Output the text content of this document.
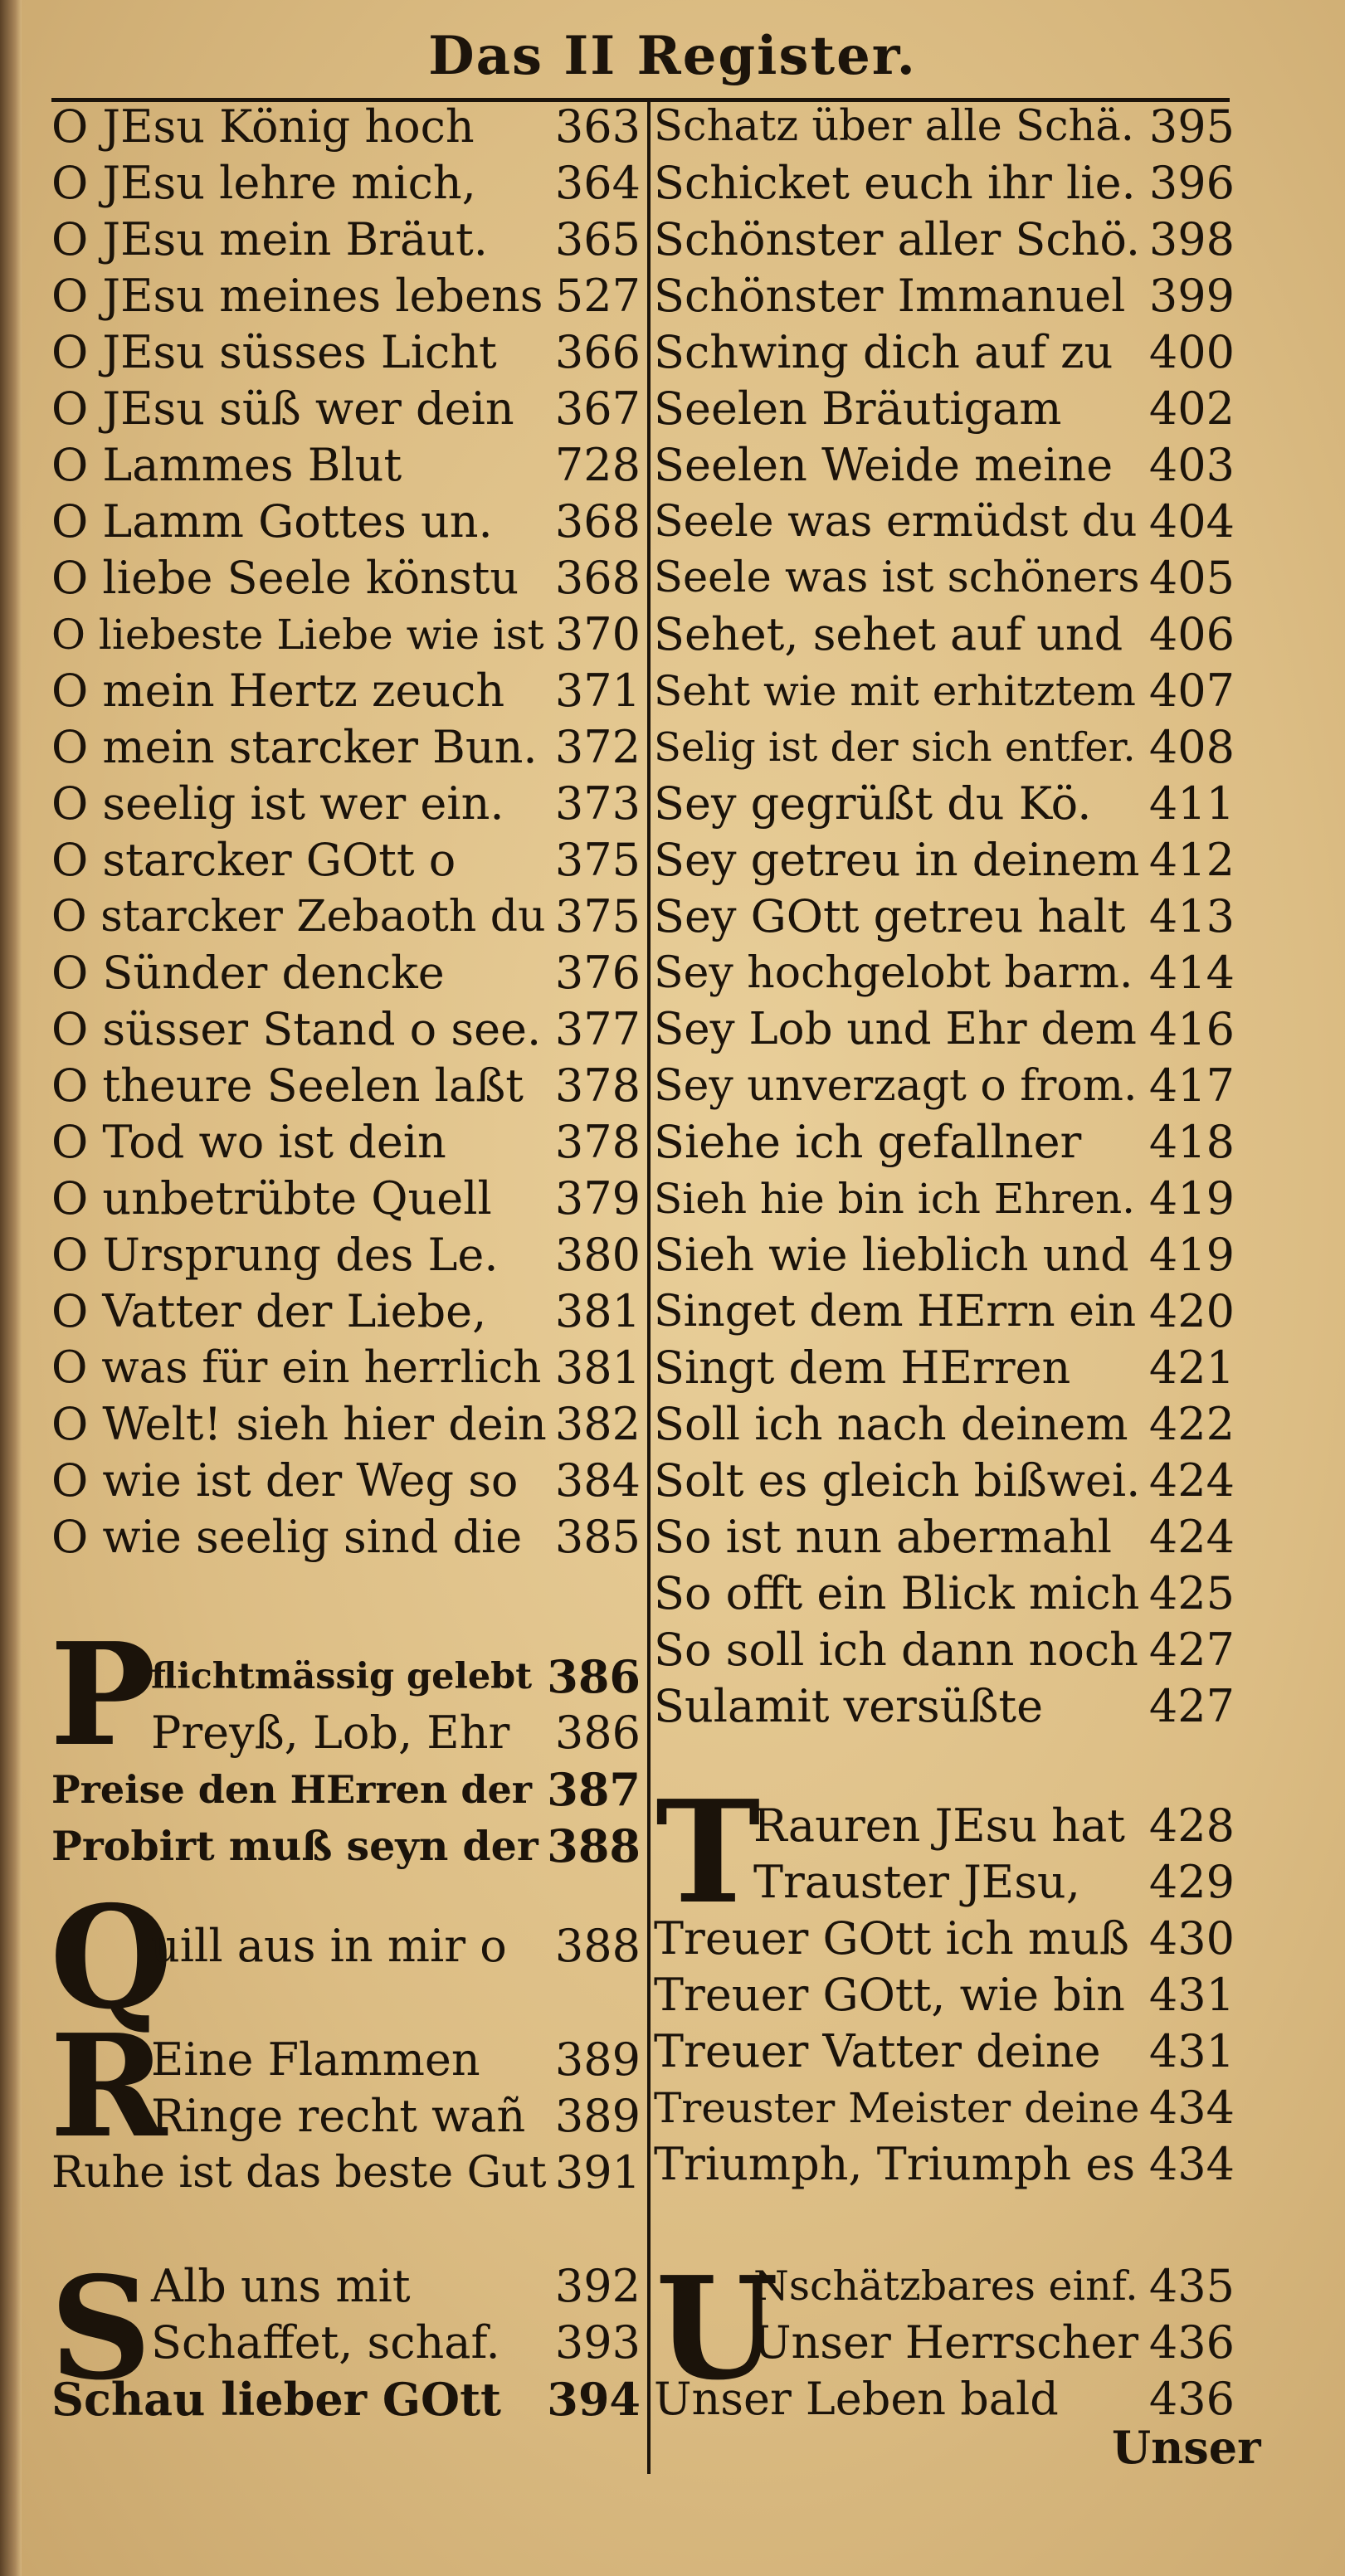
Das II Register.
P
Q
R
S
T
U
O JEsu König hoch 363
O JEsu lehre mich, 364
O JEsu mein Bräut. 365
O JEsu meines lebens 527
O JEsu süsses Licht 366
O JEsu süß wer dein 367
O Lammes Blut	728
O Lamm Gottes un. 368
O liebe Seele könstu 368
O liebeste Liebe wie ist 370
O mein Hertz zeuch 371
O mein starcker Bun. 372
O seelig ist wer ein. 373
O starcker GOtt o 375
O starcker Zebaoth du 375
O Sünder dencke 376
O süsser Stand o see. 377
O theure Seelen laßt 378
O Tod wo ist dein 378
O unbetrübte Quell 379
O Ursprung des Le. 380
O Vatter der Liebe, 381
O was für ein herrlich 381
O Welt! sieh hier dein 382
O wie ist der Weg so 384
O wie seelig sind die 385
flichtmässig gelebt 386
Preyß, Lob, Ehr 386
Preise den HErren der 387
Probirt muß seyn der 388
uill aus in mir o 388
Eine Flammen 389
Ringe recht wañ 389
Ruhe ist das beste Gut 391
Alb uns mit	392
Schaffet, schaf. 393
Schau lieber GOtt 394
Schatz über alle Schä. 395
Schicket euch ihr lie. 396
Schönster aller Schö. 398
Schönster Immanuel 399
Schwing dich auf zu 400
Seelen Bräutigam 402
Seelen Weide meine 403
Seele was ermüdst du 404
Seele was ist schöners 405
Sehet, sehet auf und 406
Seht wie mit erhitztem 407
Selig ist der sich entfer. 408
Sey gegrüßt du Kö. 411
Sey getreu in deinem 412
Sey GOtt getreu halt 413
Sey hochgelobt barm. 414
Sey Lob und Ehr dem 416
Sey unverzagt o from. 417
Siehe ich gefallner 418
Sieh hie bin ich Ehren. 419
Sieh wie lieblich und 419
Singet dem HErrn ein 420
Singt dem HErren 421
Soll ich nach deinem 422
Solt es gleich bißwei. 424
So ist nun abermahl 424
So offt ein Blick mich 425
So soll ich dann noch 427
Sulamit versüßte 427
Rauren JEsu hat 428
Trauster JEsu, 429
Treuer GOtt ich muß 430
Treuer GOtt, wie bin 431
Treuer Vatter deine 431
Treuster Meister deine 434
Triumph, Triumph es 434
Nschätzbares einf. 435
Unser Herrscher 436
Unser Leben bald 436
Unser
